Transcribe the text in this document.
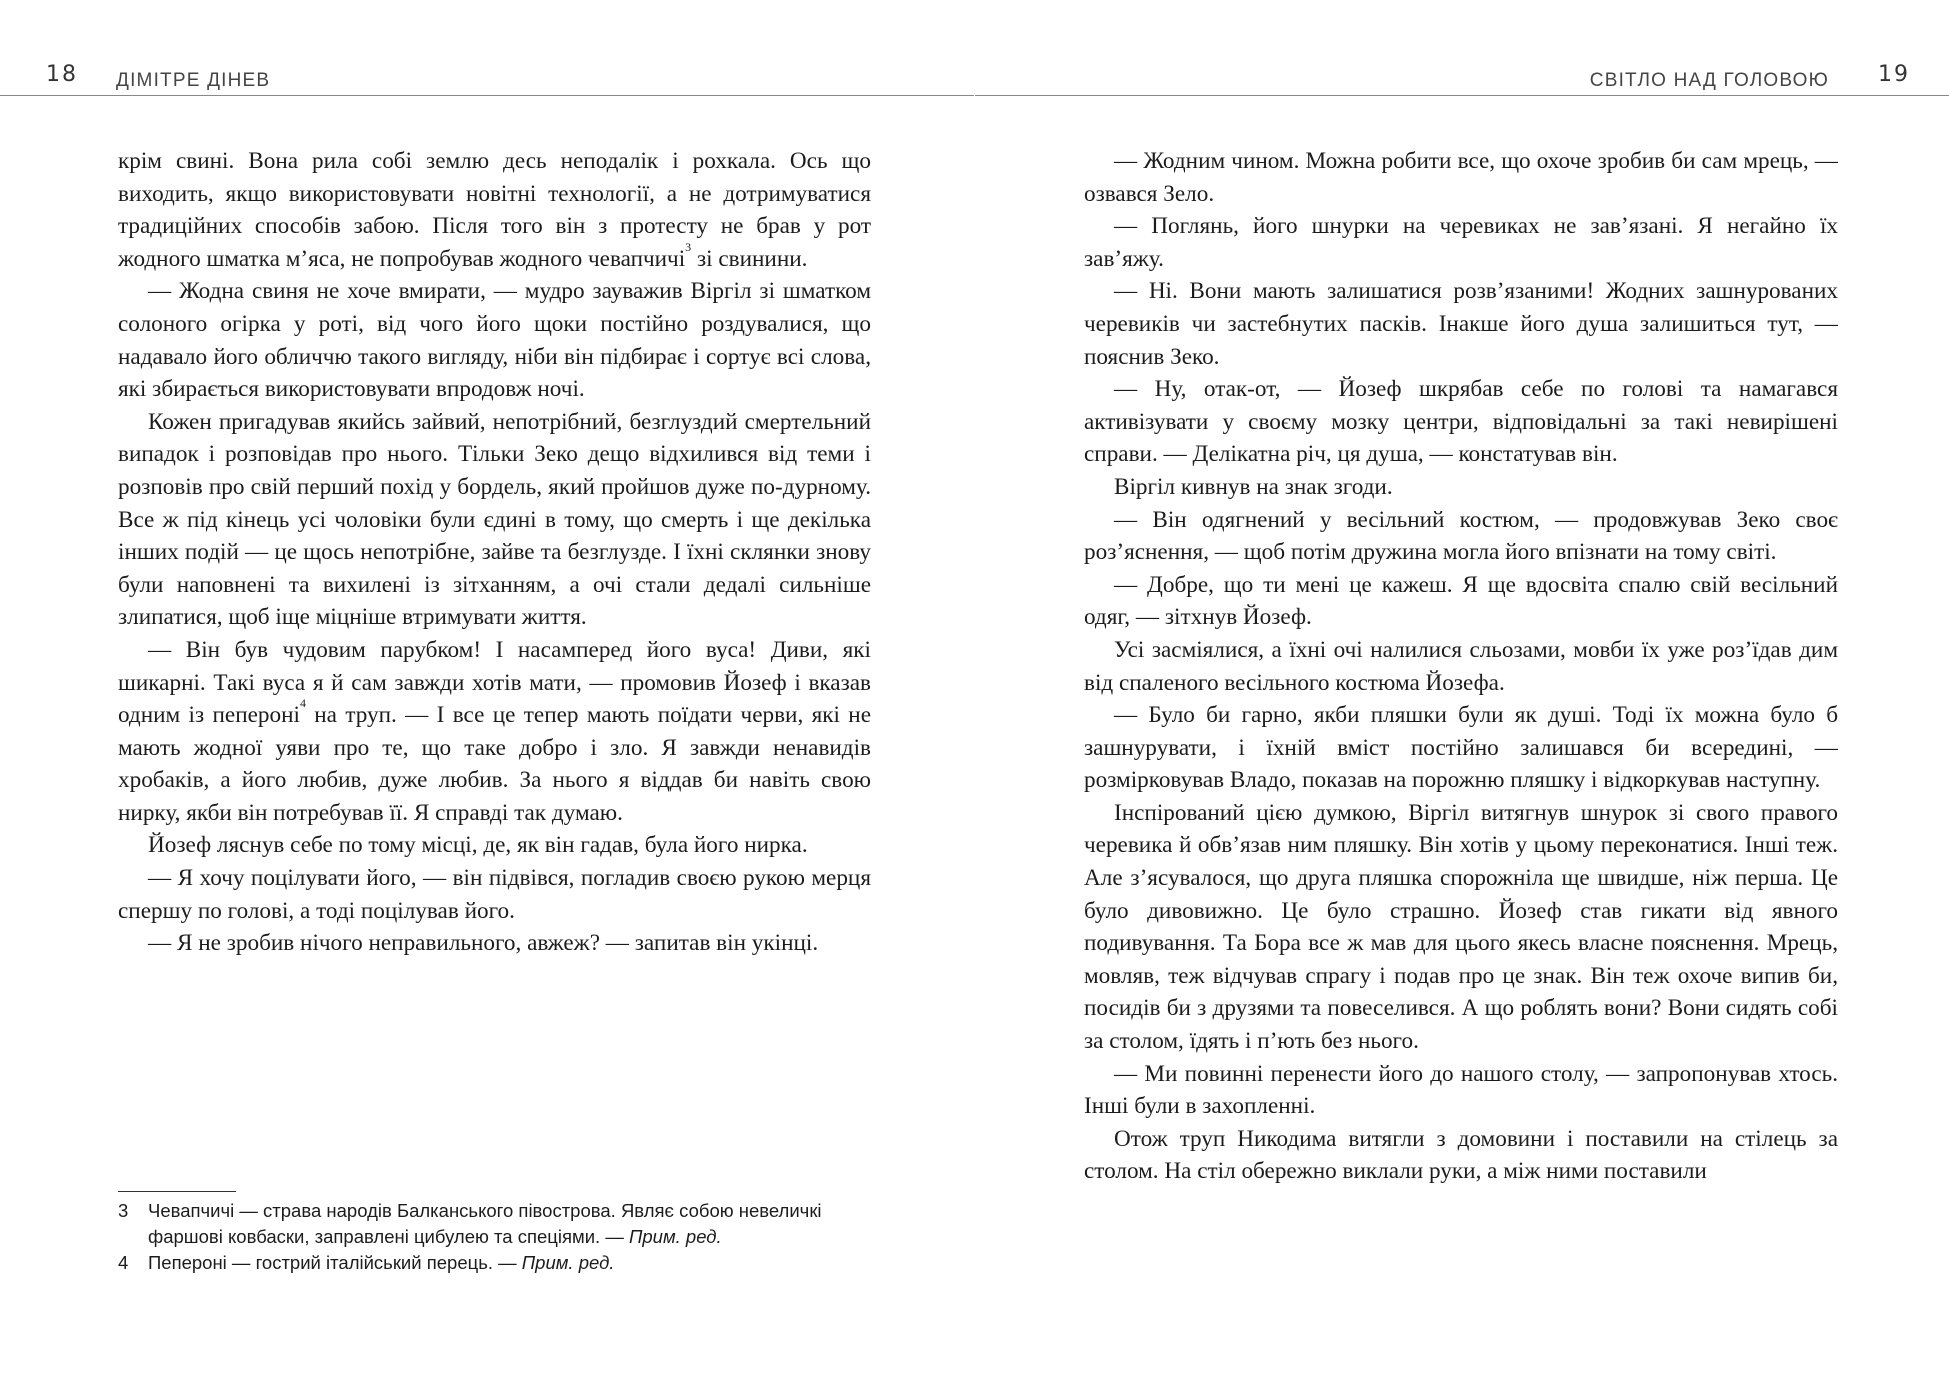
18 ДІМІТРЕ ДІНЕВ

крім свині. Вона рила собі землю десь неподалік і рохкала. Ось що виходить, якщо використовувати новітні технології, а не дотримуватися традиційних способів забою. Після того він з протесту не брав у рот жодного шматка м’яса, не попробував жодного чевапчичі$^3$ зі свинини.

— Жодна свиня не хоче вмирати, — мудро зауважив Віргіл зі шматком солоного огірка у роті, від чого його щоки постійно роздувалися, що надавало його обличчю такого вигляду, ніби він підбирає і сортує всі слова, які збирається використовувати впродовж ночі.

Кожен пригадував якийсь зайвий, непотрібний, безглуздий смертельний випадок і розповідав про нього. Тільки Зеко дещо відхилився від теми і розповів про свій перший похід у бордель, який пройшов дуже по-дурному. Все ж під кінець усі чоловіки були єдині в тому, що смерть і ще декілька інших подій — це щось непотрібне, зайве та безглузде. І їхні склянки знову були наповнені та вихилені із зітханням, а очі стали дедалі сильніше злипатися, щоб іще міцніше втримувати життя.

— Він був чудовим парубком! І насамперед його вуса! Диви, які шикарні. Такі вуса я й сам завжди хотів мати, — промовив Йозеф і вказав одним із пепероні$^4$ на труп. — І все це тепер мають поїдати черви, які не мають жодної уяви про те, що таке добро і зло. Я завжди ненавидів хробаків, а його любив, дуже любив. За нього я віддав би навіть свою нирку, якби він потребував її. Я справді так думаю.

Йозеф ляснув себе по тому місці, де, як він гадав, була його нирка.

— Я хочу поцілувати його, — він підвівся, погладив своєю рукою мерця спершу по голові, а тоді поцілував його.

— Я не зробив нічого неправильного, авжеж? — запитав він укінці.

3	Чевапчичі — страва народів Балканського півострова. Являє собою невеличкі фаршові ковбаски, заправлені цибулею та спеціями. — Прим. ред.

4	Пепероні — гострий італійський перець. — Прим. ред.

СВІТЛО НАД ГОЛОВОЮ 19

— Жодним чином. Можна робити все, що охоче зробив би сам мрець, — озвався Зело.

— Поглянь, його шнурки на черевиках не зав’язані. Я негайно їх зав’яжу.

— Ні. Вони мають залишатися розв’язаними! Жодних зашнурованих черевиків чи застебнутих пасків. Інакше його душа залишиться тут, — пояснив Зеко.

— Ну, отак-от, — Йозеф шкрябав себе по голові та намагався активізувати у своєму мозку центри, відповідальні за такі невирішені справи. — Делікатна річ, ця душа, — констатував він.

Віргіл кивнув на знак згоди.

— Він одягнений у весільний костюм, — продовжував Зеко своє роз’яснення, — щоб потім дружина могла його впізнати на тому світі.

— Добре, що ти мені це кажеш. Я ще вдосвіта спалю свій весільний одяг, — зітхнув Йозеф.

Усі засміялися, а їхні очі налилися сльозами, мовби їх уже роз’їдав дим від спаленого весільного костюма Йозефа.

— Було би гарно, якби пляшки були як душі. Тоді їх можна було б зашнурувати, і їхній вміст постійно залишався би всередині, — розмірковував Владо, показав на порожню пляшку і відкоркував наступну.

Інспірований цією думкою, Віргіл витягнув шнурок зі свого правого черевика й обв’язав ним пляшку. Він хотів у цьому переконатися. Інші теж. Але з’ясувалося, що друга пляшка спорожніла ще швидше, ніж перша. Це було дивовижно. Це було страшно. Йозеф став гикати від явного подивування. Та Бора все ж мав для цього якесь власне пояснення. Мрець, мовляв, теж відчував спрагу і подав про це знак. Він теж охоче випив би, посидів би з друзями та повеселився. А що роблять вони? Вони сидять собі за столом, їдять і п’ють без нього.

— Ми повинні перенести його до нашого столу, — запропонував хтось. Інші були в захопленні.

Отож труп Никодима витягли з домовини і поставили на стілець за столом. На стіл обережно виклали руки, а між ними поставили
